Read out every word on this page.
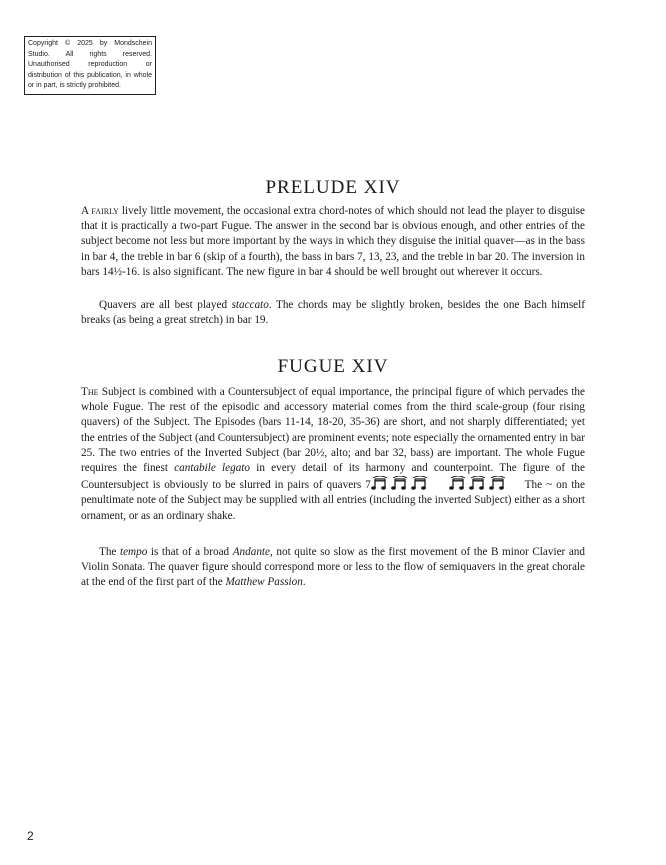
Copyright © 2025 by Mondschein Studio. All rights reserved. Unauthorised reproduction or distribution of this publication, in whole or in part, is strictly prohibited.
PRELUDE XIV

A fairly lively little movement, the occasional extra chord-notes of which should not lead the player to disguise that it is practically a two-part Fugue. The answer in the second bar is obvious enough, and other entries of the subject become not less but more important by the ways in which they disguise the initial quaver—as in the bass in bar 4, the treble in bar 6 (skip of a fourth), the bass in bars 7, 13, 23, and the treble in bar 20. The inversion in bars 14½-16. is also significant. The new figure in bar 4 should be well brought out wherever it occurs.

Quavers are all best played staccato. The chords may be slightly broken, besides the one Bach himself breaks (as being a great stretch) in bar 19.

FUGUE XIV

The Subject is combined with a Countersubject of equal importance, the principal figure of which pervades the whole Fugue. The rest of the episodic and accessory material comes from the third scale-group (four rising quavers) of the Subject. The Episodes (bars 11-14, 18-20, 35-36) are short, and not sharply differentiated; yet the entries of the Subject (and Countersubject) are prominent events; note especially the ornamented entry in bar 25. The two entries of the Inverted Subject (bar 20½, alto; and bar 32, bass) are important. The whole Fugue requires the finest cantabile legato in every detail of its harmony and counterpoint. The figure of the Countersubject is obviously to be slurred in pairs of quavers 7	The ~ on the penultimate note of the Subject may be supplied with all entries (including the inverted Subject) either as a short ornament, or as an ordinary shake.

The tempo is that of a broad Andante, not quite so slow as the first movement of the B minor Clavier and Violin Sonata. The quaver figure should correspond more or less to the flow of semiquavers in the great chorale at the end of the first part of the Matthew Passion.

2
